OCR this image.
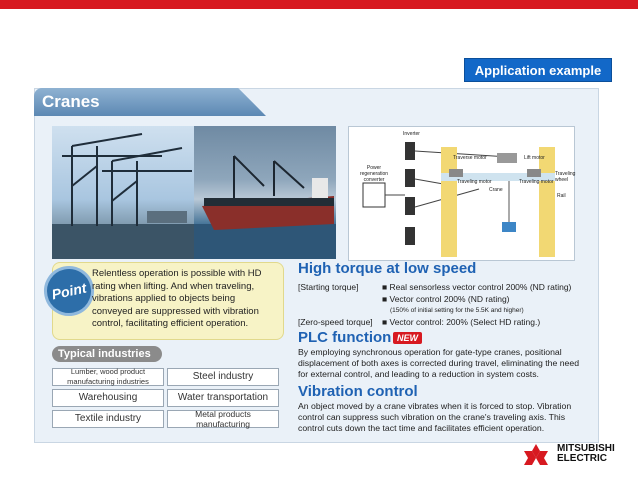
Application example
Cranes
Inverter
Power regeneration converter
Traverse motor	Lift motor
Traveling motor	Traveling motor
Crane
Traveling wheel
Rail
Point
Relentless operation is possible with HD rating when lifting. And when traveling, vibrations applied to objects being conveyed are suppressed with vibration control, facilitating efficient operation.
Typical industries
Lumber, wood product manufacturing industries	Steel industry
Warehousing	Water transportation
Textile industry	Metal products manufacturing
High torque at low speed
[Starting torque]	■ Real sensorless vector control 200% (ND rating)
■ Vector control 200% (ND rating)
(150% of initial setting for the 5.5K and higher)
[Zero-speed torque] ■ Vector control: 200% (Select HD rating.)
PLC function NEW
By employing synchronous operation for gate-type cranes, positional displacement of both axes is corrected during travel, eliminating the need for external control, and leading to a reduction in system costs.
Vibration control
An object moved by a crane vibrates when it is forced to stop. Vibration control can suppress such vibration on the crane's traveling axis. This control cuts down the tact time and facilitates efficient operation.
MITSUBISHI
ELECTRIC
